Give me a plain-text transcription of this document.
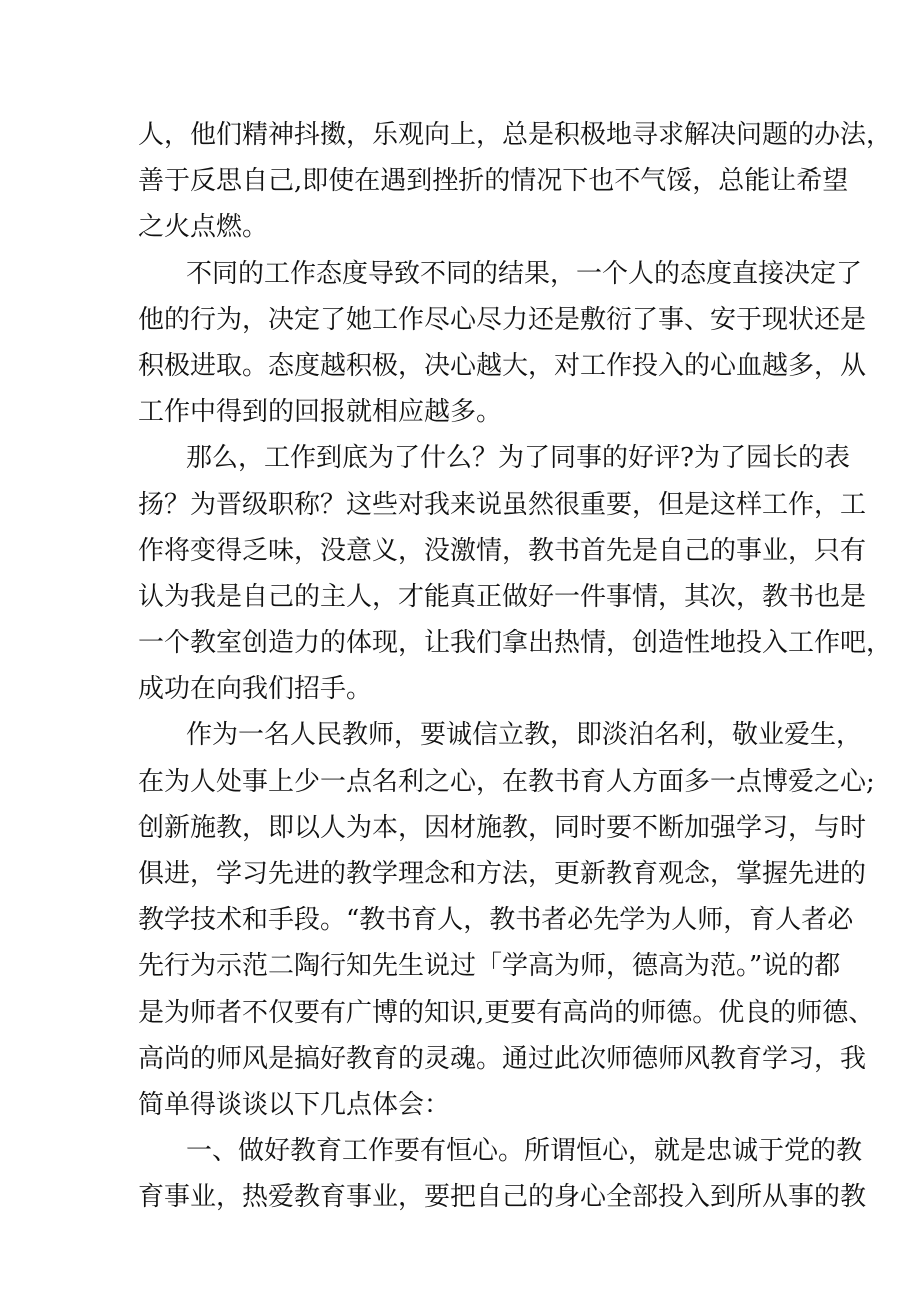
人，他们精神抖擞，乐观向上，总是积极地寻求解决问题的办法，
善于反思自己,即使在遇到挫折的情况下也不气馁，总能让希望
之火点燃。
不同的工作态度导致不同的结果，一个人的态度直接决定了
他的行为，决定了她工作尽心尽力还是敷衍了事、安于现状还是
积极进取。态度越积极，决心越大，对工作投入的心血越多，从
工作中得到的回报就相应越多。
那么，工作到底为了什么？为了同事的好评?为了园长的表
扬？为晋级职称？这些对我来说虽然很重要，但是这样工作，工
作将变得乏味，没意义，没激情，教书首先是自己的事业，只有
认为我是自己的主人，才能真正做好一件事情，其次，教书也是
一个教室创造力的体现，让我们拿出热情，创造性地投入工作吧，
成功在向我们招手。
作为一名人民教师，要诚信立教，即淡泊名利，敬业爱生，
在为人处事上少一点名利之心，在教书育人方面多一点博爱之心;
创新施教，即以人为本，因材施教，同时要不断加强学习，与时
俱进，学习先进的教学理念和方法，更新教育观念，掌握先进的
教学技术和手段。“教书育人，教书者必先学为人师，育人者必
先行为示范二陶行知先生说过「学高为师，德高为范。”说的都
是为师者不仅要有广博的知识,更要有高尚的师德。优良的师德、
高尚的师风是搞好教育的灵魂。通过此次师德师风教育学习，我
简单得谈谈以下几点体会：
一、做好教育工作要有恒心。所谓恒心，就是忠诚于党的教
育事业，热爱教育事业，要把自己的身心全部投入到所从事的教
